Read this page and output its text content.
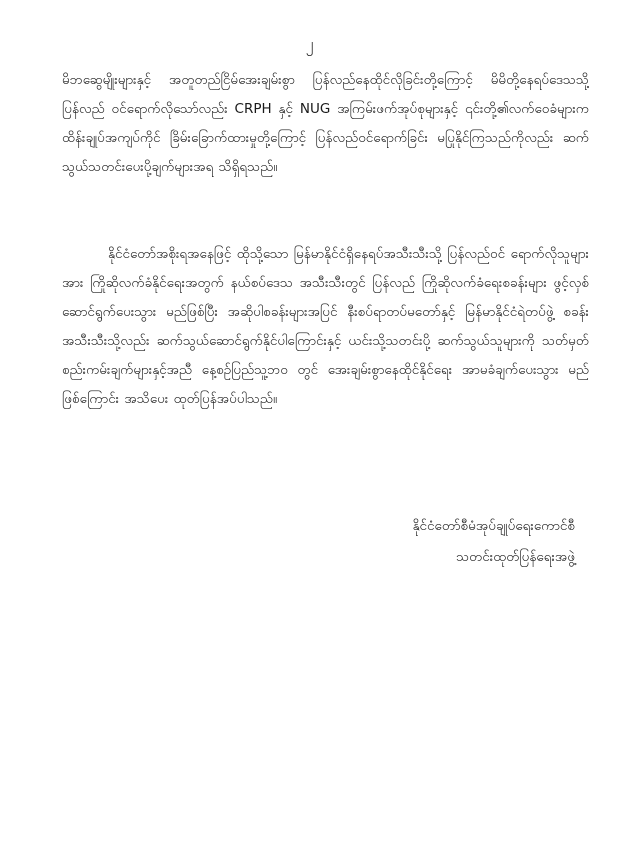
၂

မိဘဆွေမျိုးများနှင့် အတူတည်ငြိမ်အေးချမ်းစွာ ပြန်လည်နေထိုင်လိုခြင်းတို့ကြောင့် မိမိတို့နေရပ်ဒေသသို့ ပြန်လည် ဝင်ရောက်လိုသော်လည်း CRPH နှင့် NUG အကြမ်းဖက်အုပ်စုများနှင့် ၎င်းတို့၏လက်ဝေခံများက ထိန်းချုပ်အကျပ်ကိုင် ခြိမ်းခြောက်ထားမှုတို့ကြောင့် ပြန်လည်ဝင်ရောက်ခြင်း မပြုနိုင်ကြသည်ကိုလည်း ဆက်သွယ်သတင်းပေးပို့ချက်များအရ သိရှိရသည်။

နိုင်ငံတော်အစိုးရအနေဖြင့် ထိုသို့သော မြန်မာနိုင်ငံရှိနေရပ်အသီးသီးသို့ ပြန်လည်ဝင် ရောက်လိုသူများအား ကြိုဆိုလက်ခံနိုင်ရေးအတွက် နယ်စပ်ဒေသ အသီးသီးတွင် ပြန်လည် ကြိုဆိုလက်ခံရေးစခန်းများ ဖွင့်လှစ်ဆောင်ရွက်ပေးသွား မည်ဖြစ်ပြီး အဆိုပါစခန်းများအပြင် နီးစပ်ရာတပ်မတော်နှင့် မြန်မာနိုင်ငံရဲတပ်ဖွဲ့ စခန်းအသီးသီးသို့လည်း ဆက်သွယ်ဆောင်ရွက်နိုင်ပါကြောင်းနှင့် ယင်းသို့သတင်းပို့ ဆက်သွယ်သူများကို သတ်မှတ်စည်းကမ်းချက်များနှင့်အညီ နေ့စဉ်ပြည်သူ့ဘဝ တွင် အေးချမ်းစွာနေထိုင်နိုင်ရေး အာမခံချက်ပေးသွား မည်ဖြစ်ကြောင်း အသိပေး ထုတ်ပြန်အပ်ပါသည်။

နိုင်ငံတော်စီမံအုပ်ချုပ်ရေးကောင်စီ
သတင်းထုတ်ပြန်ရေးအဖွဲ့
